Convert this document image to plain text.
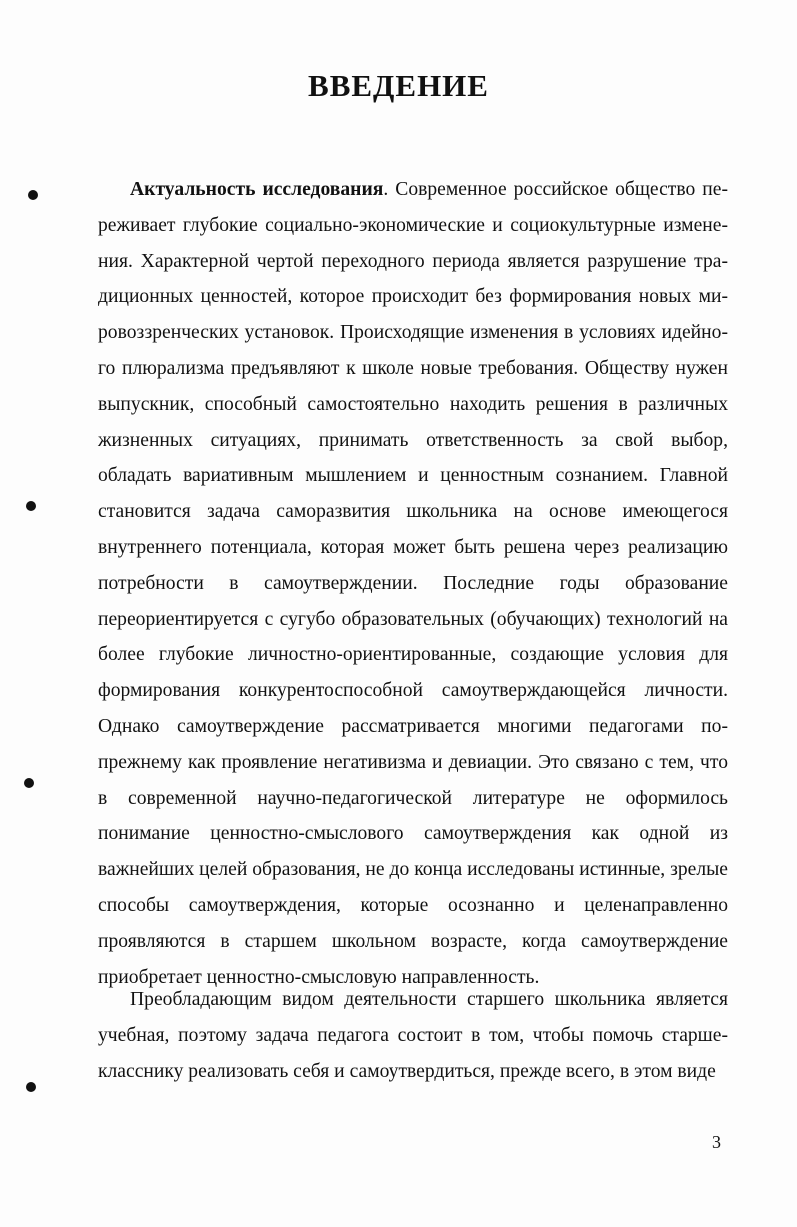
ВВЕДЕНИЕ

Актуальность исследования. Современное российское общество переживает глубокие социально-экономические и социокультурные изменения. Характерной чертой переходного периода является разрушение традиционных ценностей, которое происходит без формирования новых мировоззренческих установок. Происходящие изменения в условиях идейного плюрализма предъявляют к школе новые требования. Обществу нужен выпускник, способный самостоятельно находить решения в различных жизненных ситуациях, принимать ответственность за свой выбор, обладать вариативным мышлением и ценностным сознанием. Главной становится задача саморазвития школьника на основе имеющегося внутреннего потенциала, которая может быть решена через реализацию потребности в самоутверждении. Последние годы образование переориентируется с сугубо образовательных (обучающих) технологий на более глубокие личностно-ориентированные, создающие условия для формирования конкурентоспособной самоутверждающейся личности. Однако самоутверждение рассматривается многими педагогами по-прежнему как проявление негативизма и девиации. Это связано с тем, что в современной научно-педагогической литературе не оформилось понимание ценностно-смыслового самоутверждения как одной из важнейших целей образования, не до конца исследованы истинные, зрелые способы самоутверждения, которые осознанно и целенаправленно проявляются в старшем школьном возрасте, когда самоутверждение приобретает ценностно-смысловую направленность.

Преобладающим видом деятельности старшего школьника является учебная, поэтому задача педагога состоит в том, чтобы помочь старшекласснику реализовать себя и самоутвердиться, прежде всего, в этом виде

3
